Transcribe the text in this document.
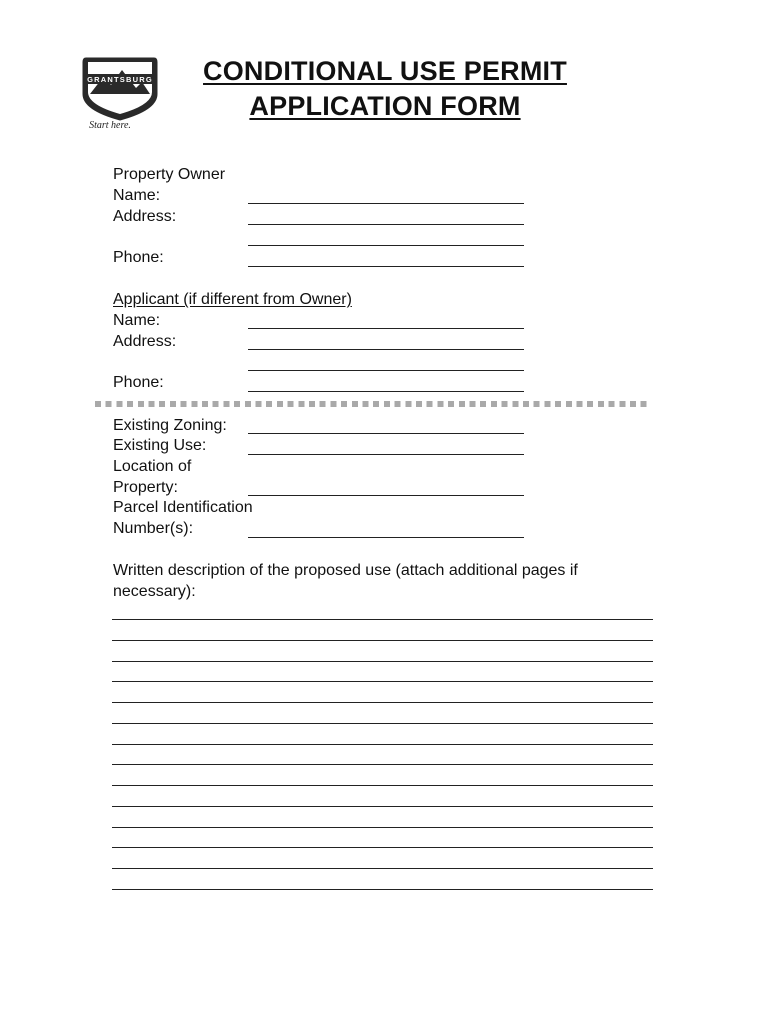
GRANTSBURG
Start here.
CONDITIONAL USE PERMIT
APPLICATION FORM
Property Owner
Name:
Address:
Phone:
Applicant (if different from Owner)
Name:
Address:
Phone:
Existing Zoning:
Existing Use:
Location of
Property:
Parcel Identification
Number(s):
Written description of the proposed use (attach additional pages if
necessary):
